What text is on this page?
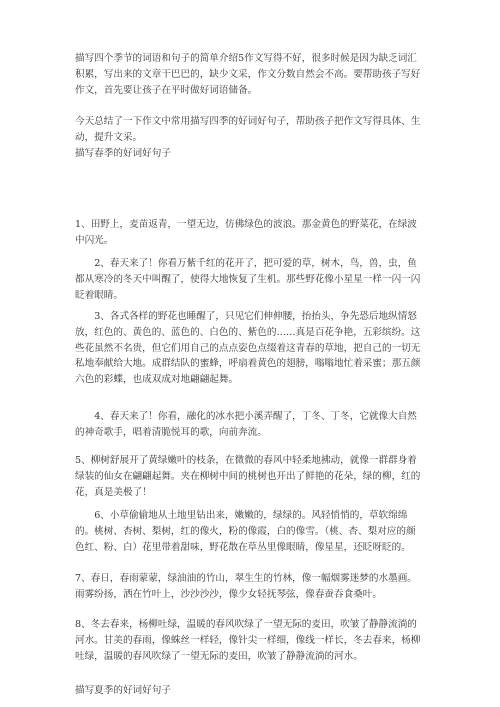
描写四个季节的词语和句子的简单介绍5作文写得不好，很多时候是因为缺乏词汇积累，写出来的文章干巴巴的，缺少文采，作文分数自然会不高。要帮助孩子写好作文，首先要让孩子在平时做好词语储备。

今天总结了一下作文中常用描写四季的好词好句子，帮助孩子把作文写得具体、生动，提升文采。

描写春季的好词好句子

1、田野上，麦苗返青，一望无边，仿佛绿色的波浪。那金黄色的野菜花，在绿波中闪光。

2、春天来了！你看万紫千红的花开了，把可爱的草，树木，鸟，兽，虫，鱼都从寒冷的冬天中叫醒了，使得大地恢复了生机。那些野花像小星星一样一闪一闪眨着眼睛。

3、各式各样的野花也睡醒了，只见它们伸伸腰，抬抬头，争先恐后地纵情怒放，红色的、黄色的、蓝色的、白色的、紫色的……真是百花争艳，五彩缤纷。这些花虽然不名贵，但它们用自己的点点姿色点缀着这青春的草地，把自己的一切无私地奉献给大地。成群结队的蜜蜂，呼扇着黄色的翅膀，嗡嗡地忙着采蜜；那五颜六色的彩蝶，也成双成对地翩翩起舞。

4、春天来了！你看，融化的冰水把小溪弄醒了，丁冬、丁冬，它就像大自然的神奇歌手，唱着清脆悦耳的歌，向前奔流。

5、柳树舒展开了黄绿嫩叶的枝条，在微微的春风中轻柔地拂动，就像一群群身着绿装的仙女在翩翩起舞。夹在柳树中间的桃树也开出了鲜艳的花朵，绿的柳，红的花，真是美极了！

6、小草偷偷地从土地里钻出来，嫩嫩的，绿绿的。风轻悄悄的，草软绵绵的。桃树、杏树、梨树，红的像火，粉的像霞，白的像雪。（桃、杏、梨对应的颜色红、粉、白）花里带着甜味，野花散在草丛里像眼睛，像星星，还眨呀眨的。

7、春日，春雨蒙蒙，绿油油的竹山，翠生生的竹林，像一幅烟雾迷梦的水墨画。雨雾纷扬，洒在竹叶上，沙沙沙沙，像少女轻抚琴弦，像春蚕吞食桑叶。

8、冬去春来，杨柳吐绿，温暖的春风吹绿了一望无际的麦田，吹皱了静静流淌的河水。甘美的春雨，像蛛丝一样轻，像针尖一样细，像线一样长，冬去春来，杨柳吐绿，温暖的春风吹绿了一望无际的麦田，吹皱了静静流淌的河水。

描写夏季的好词好句子
